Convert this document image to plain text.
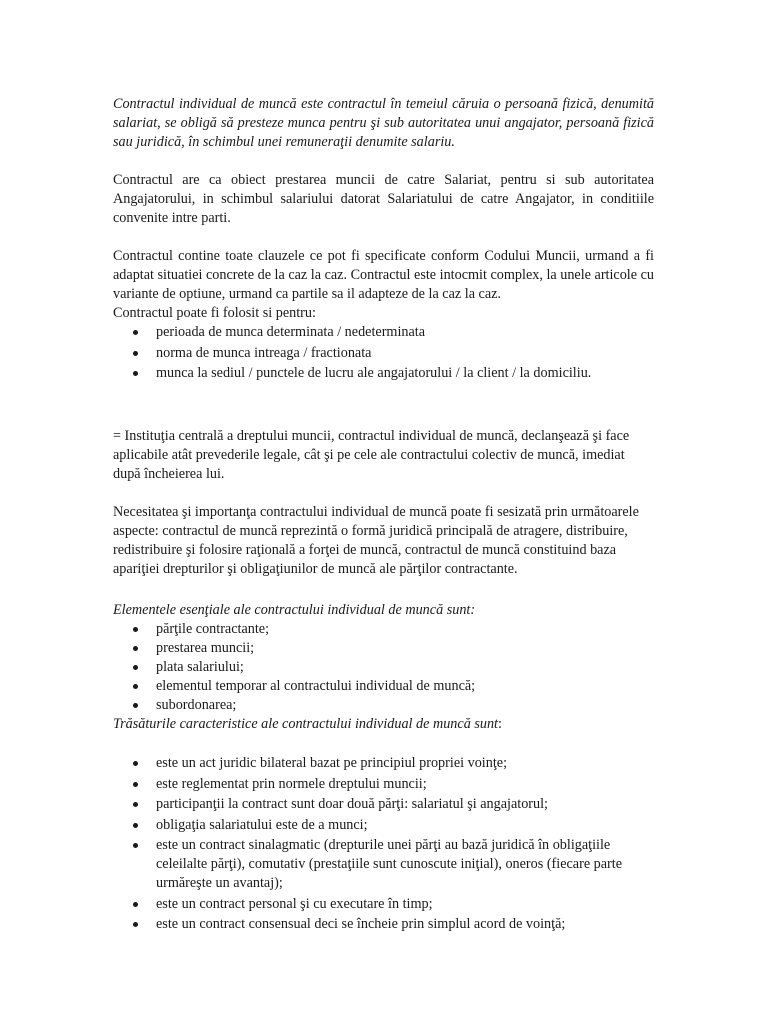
Contractul individual de muncă este contractul în temeiul căruia o persoană fizică, denumită salariat, se obligă să presteze munca pentru şi sub autoritatea unui angajator, persoană fizică sau juridică, în schimbul unei remuneraţii denumite salariu.

Contractul are ca obiect prestarea muncii de catre Salariat, pentru si sub autoritatea Angajatorului, in schimbul salariului datorat Salariatului de catre Angajator, in conditiile convenite intre parti.

Contractul contine toate clauzele ce pot fi specificate conform Codului Muncii, urmand a fi adaptat situatiei concrete de la caz la caz. Contractul este intocmit complex, la unele articole cu variante de optiune, urmand ca partile sa il adapteze de la caz la caz.

Contractul poate fi folosit si pentru:

perioada de munca determinata / nedeterminata
norma de munca intreaga / fractionata
munca la sediul / punctele de lucru ale angajatorului / la client / la domiciliu.

= Instituţia centrală a dreptului muncii, contractul individual de muncă, declanşează şi face aplicabile atât prevederile legale, cât şi pe cele ale contractului colectiv de muncă, imediat după încheierea lui.

Necesitatea şi importanţa contractului individual de muncă poate fi sesizată prin următoarele aspecte: contractul de muncă reprezintă o formă juridică principală de atragere, distribuire, redistribuire şi folosire raţională a forţei de muncă, contractul de muncă constituind baza apariţiei drepturilor şi obligaţiunilor de muncă ale părţilor contractante.

Elementele esenţiale ale contractului individual de muncă sunt:

părţile contractante;
prestarea muncii;
plata salariului;
elementul temporar al contractului individual de muncă;
subordonarea;

Trăsăturile caracteristice ale contractului individual de muncă sunt:

este un act juridic bilateral bazat pe principiul propriei voinţe;
este reglementat prin normele dreptului muncii;
participanţii la contract sunt doar două părţi: salariatul şi angajatorul;
obligaţia salariatului este de a munci;
este un contract sinalagmatic (drepturile unei părţi au bază juridică în obligaţiile celeilalte părţi), comutativ (prestaţiile sunt cunoscute iniţial), oneros (fiecare parte urmăreşte un avantaj);
este un contract personal şi cu executare în timp;
este un contract consensual deci se încheie prin simplul acord de voinţă;
